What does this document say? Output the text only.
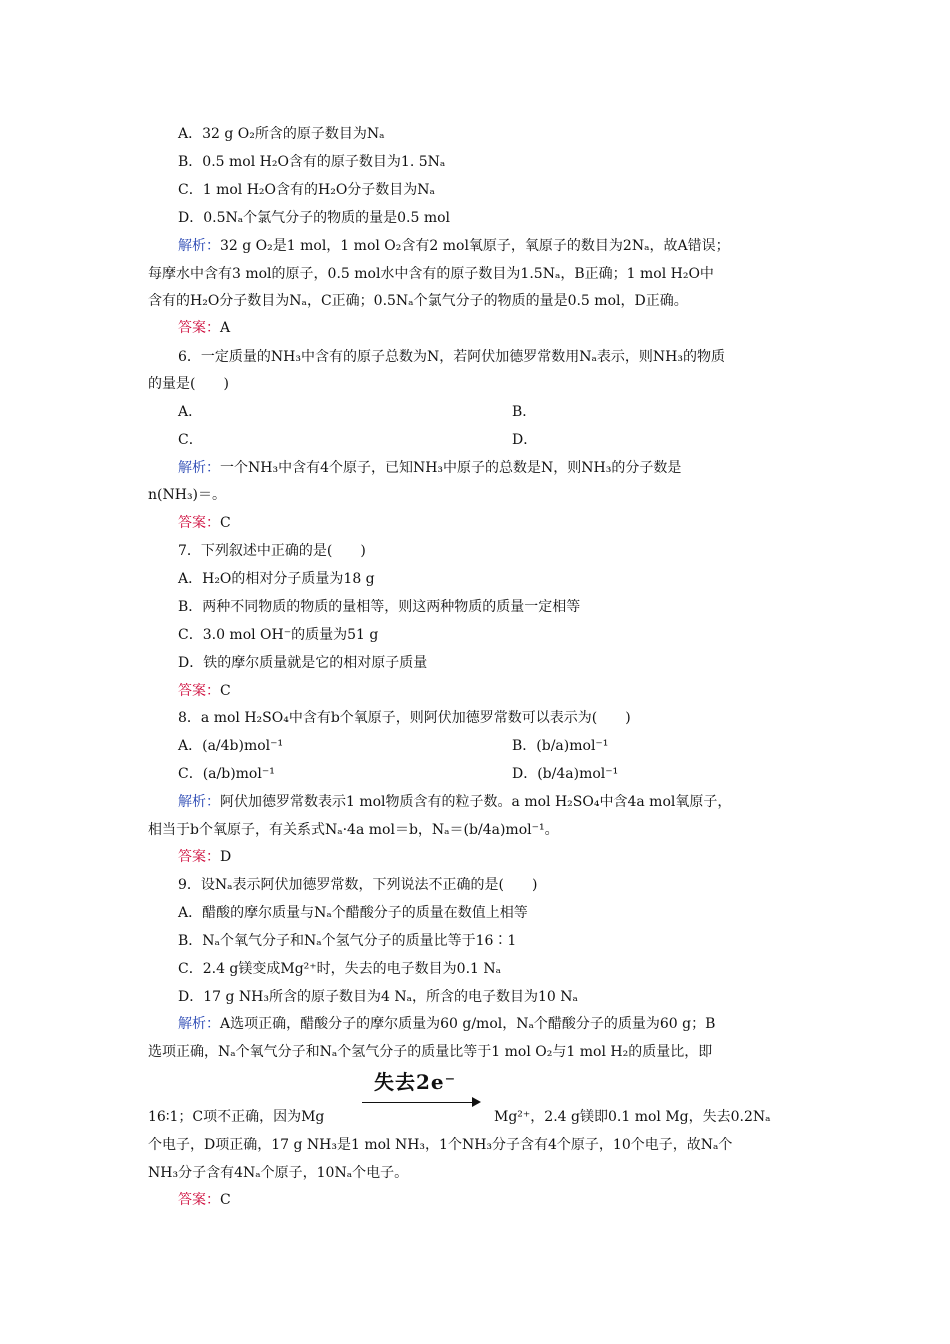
A．32 g O₂所含的原子数目为Nₐ
B．0.5 mol H₂O含有的原子数目为1. 5Nₐ
C．1 mol H₂O含有的H₂O分子数目为Nₐ
D．0.5Nₐ个氯气分子的物质的量是0.5 mol
解析：32 g O₂是1 mol，1 mol O₂含有2 mol氧原子，氧原子的数目为2Nₐ，故A错误；
每摩水中含有3 mol的原子，0.5 mol水中含有的原子数目为1.5Nₐ，B正确；1 mol H₂O中
含有的H₂O分子数目为Nₐ，C正确；0.5Nₐ个氯气分子的物质的量是0.5 mol，D正确。
答案：A
6．一定质量的NH₃中含有的原子总数为N，若阿伏加德罗常数用Nₐ表示，则NH₃的物质
的量是(　　)
A．	B．
C．	D．
解析：一个NH₃中含有4个原子，已知NH₃中原子的总数是N，则NH₃的分子数是
n(NH₃)＝。
答案：C
7．下列叙述中正确的是(　　)
A．H₂O的相对分子质量为18 g
B．两种不同物质的物质的量相等，则这两种物质的质量一定相等
C．3.0 mol OH⁻的质量为51 g
D．铁的摩尔质量就是它的相对原子质量
答案：C
8．a mol H₂SO₄中含有b个氧原子，则阿伏加德罗常数可以表示为(　　)
A．(a/4b)mol⁻¹	B．(b/a)mol⁻¹
C．(a/b)mol⁻¹	D．(b/4a)mol⁻¹
解析：阿伏加德罗常数表示1 mol物质含有的粒子数。a mol H₂SO₄中含4a mol氧原子，
相当于b个氧原子，有关系式Nₐ·4a mol＝b，Nₐ＝(b/4a)mol⁻¹。
答案：D
9．设Nₐ表示阿伏加德罗常数，下列说法不正确的是(　　)
A．醋酸的摩尔质量与Nₐ个醋酸分子的质量在数值上相等
B．Nₐ个氧气分子和Nₐ个氢气分子的质量比等于16∶1
C．2.4 g镁变成Mg²⁺时，失去的电子数目为0.1 Nₐ
D．17 g NH₃所含的原子数目为4 Nₐ，所含的电子数目为10 Nₐ
解析：A选项正确，醋酸分子的摩尔质量为60 g/mol，Nₐ个醋酸分子的质量为60 g；B
选项正确，Nₐ个氧气分子和Nₐ个氢气分子的质量比等于1 mol O₂与1 mol H₂的质量比，即
失去2e⁻
16∶1；C项不正确，因为Mg	Mg²⁺，2.4 g镁即0.1 mol Mg，失去0.2Nₐ
个电子，D项正确，17 g NH₃是1 mol NH₃，1个NH₃分子含有4个原子，10个电子，故Nₐ个
NH₃分子含有4Nₐ个原子，10Nₐ个电子。
答案：C
